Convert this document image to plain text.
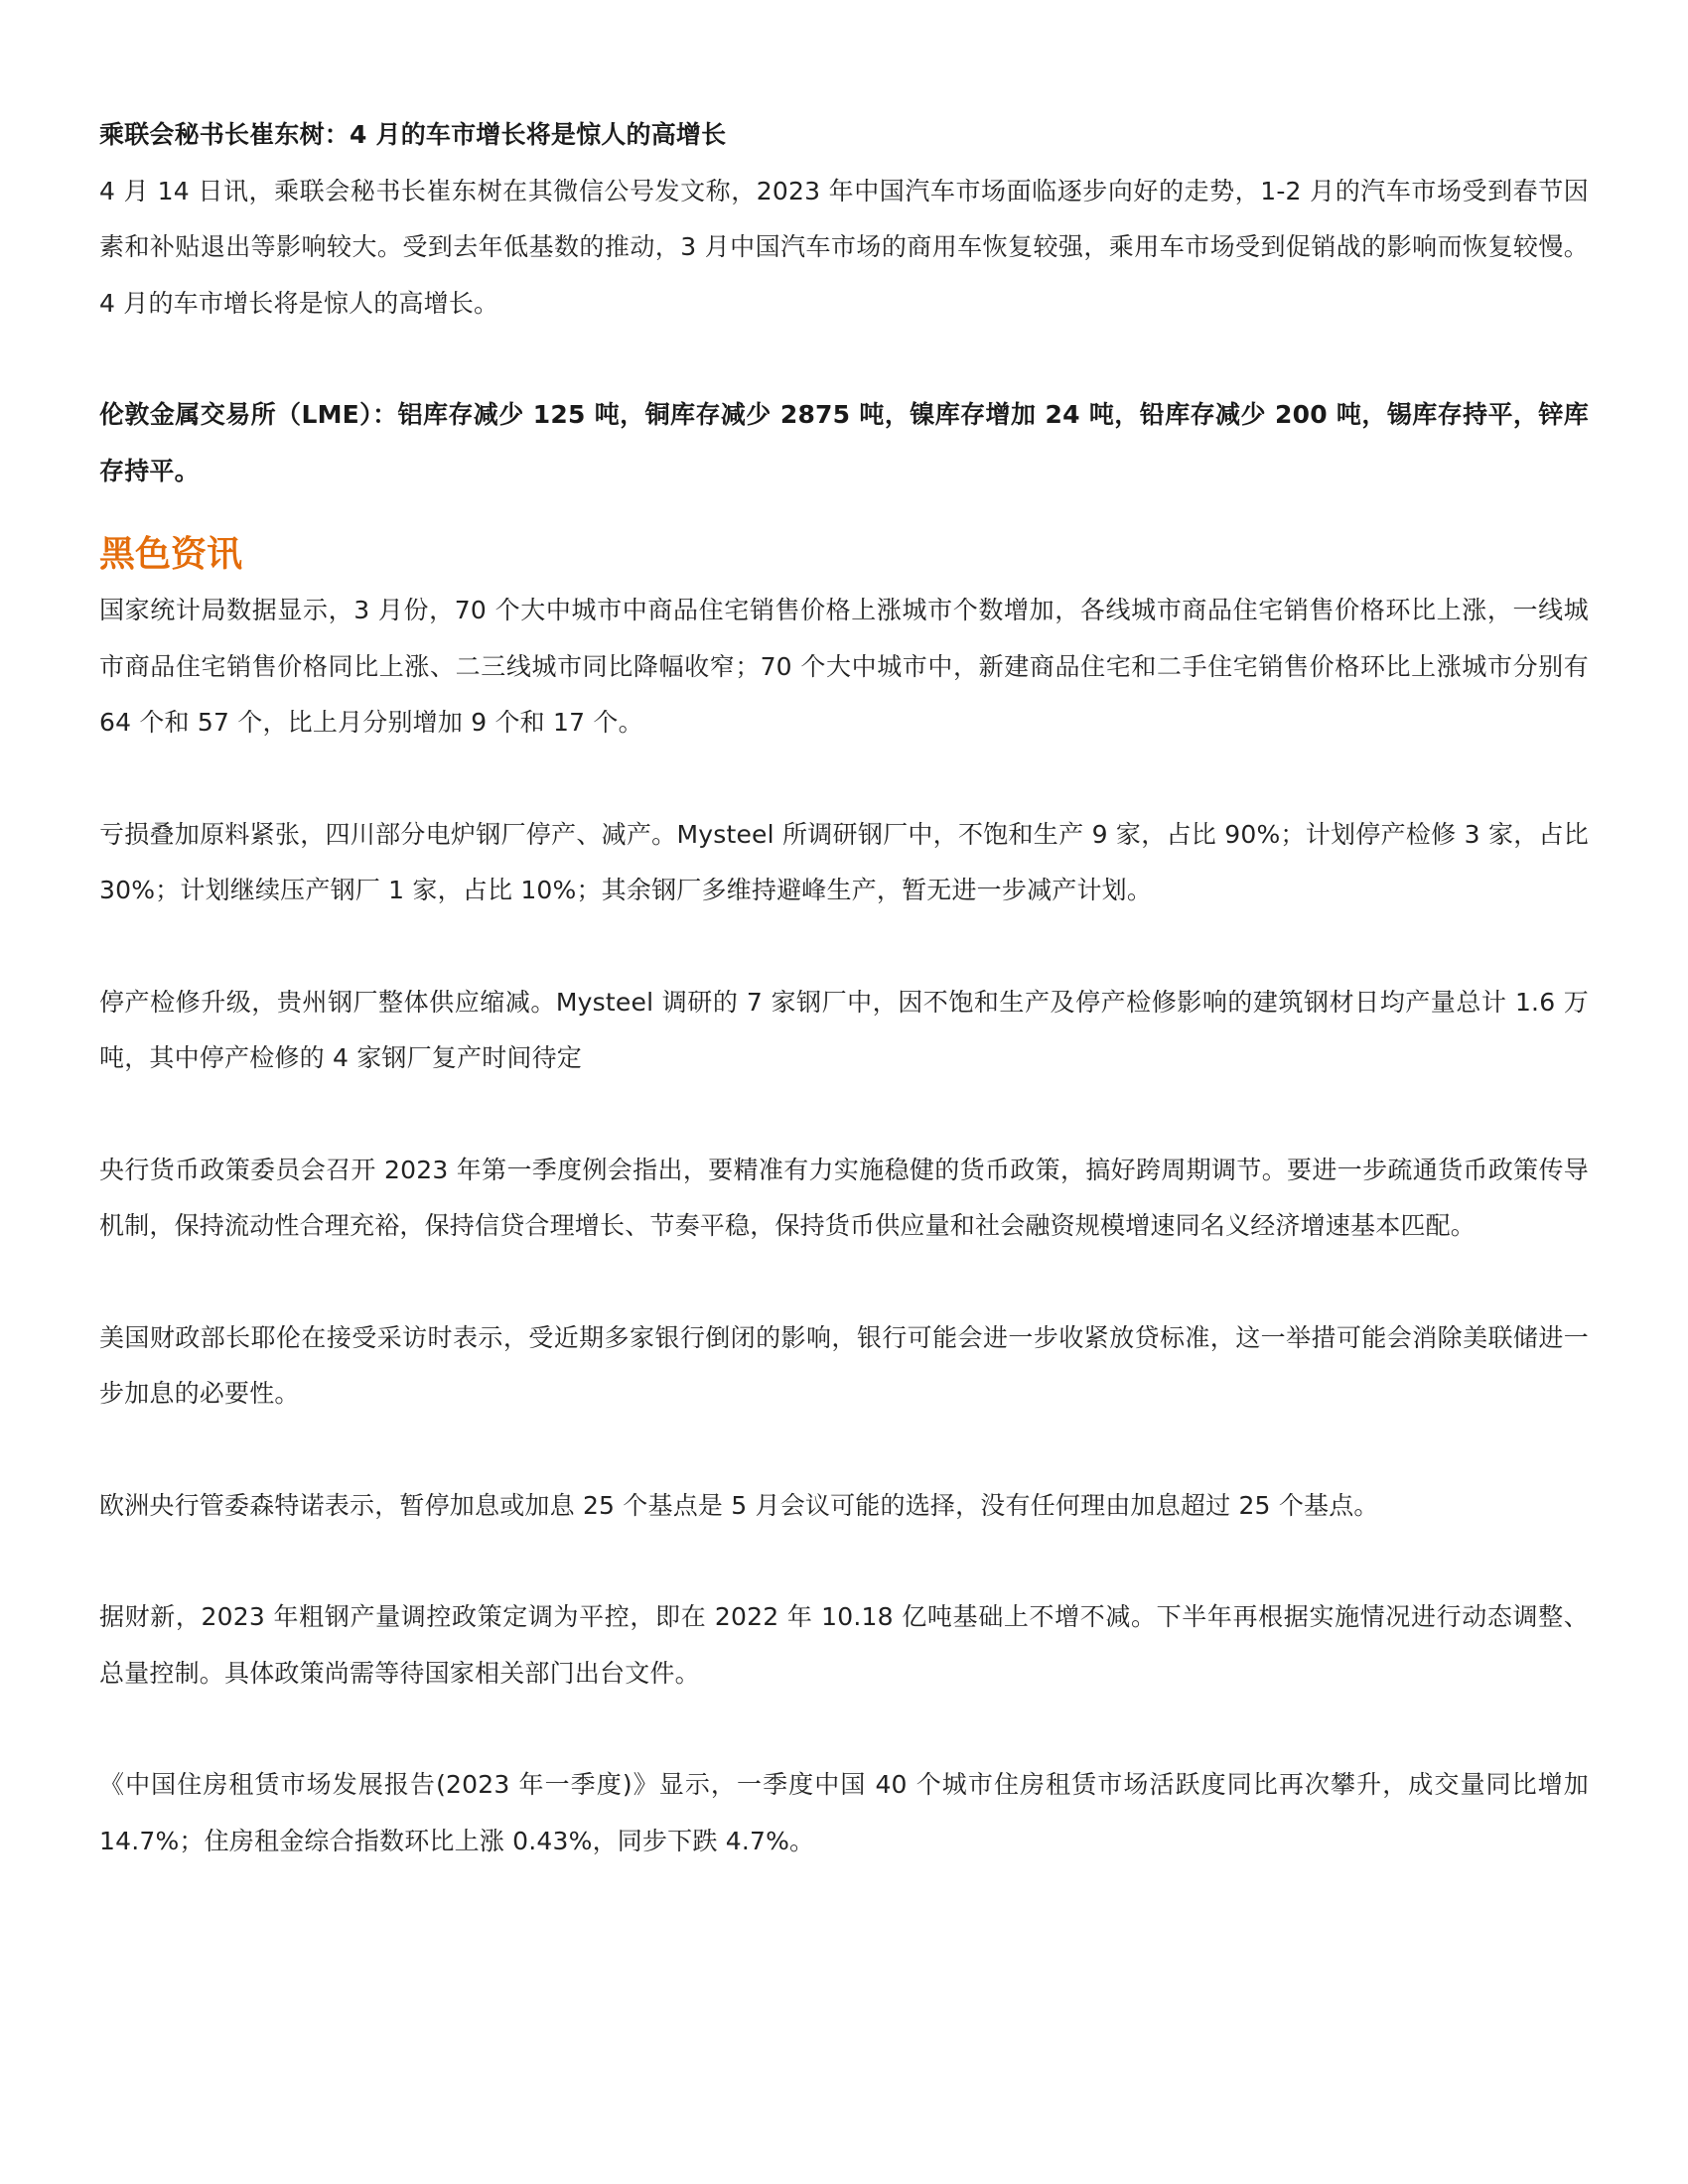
乘联会秘书长崔东树：4 月的车市增长将是惊人的高增长

4 月 14 日讯，乘联会秘书长崔东树在其微信公号发文称，2023 年中国汽车市场面临逐步向好的走势，1-2 月的汽车市场受到春节因素和补贴退出等影响较大。受到去年低基数的推动，3 月中国汽车市场的商用车恢复较强，乘用车市场受到促销战的影响而恢复较慢。4 月的车市增长将是惊人的高增长。

伦敦金属交易所（LME）：铝库存减少 125 吨，铜库存减少 2875 吨，镍库存增加 24 吨，铅库存减少 200 吨，锡库存持平，锌库存持平。

黑色资讯

国家统计局数据显示，3 月份，70 个大中城市中商品住宅销售价格上涨城市个数增加，各线城市商品住宅销售价格环比上涨，一线城市商品住宅销售价格同比上涨、二三线城市同比降幅收窄；70 个大中城市中，新建商品住宅和二手住宅销售价格环比上涨城市分别有 64 个和 57 个，比上月分别增加 9 个和 17 个。

亏损叠加原料紧张，四川部分电炉钢厂停产、减产。Mysteel 所调研钢厂中，不饱和生产 9 家，占比 90%；计划停产检修 3 家，占比 30%；计划继续压产钢厂 1 家，占比 10%；其余钢厂多维持避峰生产，暂无进一步减产计划。

停产检修升级，贵州钢厂整体供应缩减。Mysteel 调研的 7 家钢厂中，因不饱和生产及停产检修影响的建筑钢材日均产量总计 1.6 万吨，其中停产检修的 4 家钢厂复产时间待定

央行货币政策委员会召开 2023 年第一季度例会指出，要精准有力实施稳健的货币政策，搞好跨周期调节。要进一步疏通货币政策传导机制，保持流动性合理充裕，保持信贷合理增长、节奏平稳，保持货币供应量和社会融资规模增速同名义经济增速基本匹配。

美国财政部长耶伦在接受采访时表示，受近期多家银行倒闭的影响，银行可能会进一步收紧放贷标准，这一举措可能会消除美联储进一步加息的必要性。

欧洲央行管委森特诺表示，暂停加息或加息 25 个基点是 5 月会议可能的选择，没有任何理由加息超过 25 个基点。

据财新，2023 年粗钢产量调控政策定调为平控，即在 2022 年 10.18 亿吨基础上不增不减。下半年再根据实施情况进行动态调整、总量控制。具体政策尚需等待国家相关部门出台文件。

《中国住房租赁市场发展报告(2023 年一季度)》显示，一季度中国 40 个城市住房租赁市场活跃度同比再次攀升，成交量同比增加 14.7%；住房租金综合指数环比上涨 0.43%，同步下跌 4.7%。
